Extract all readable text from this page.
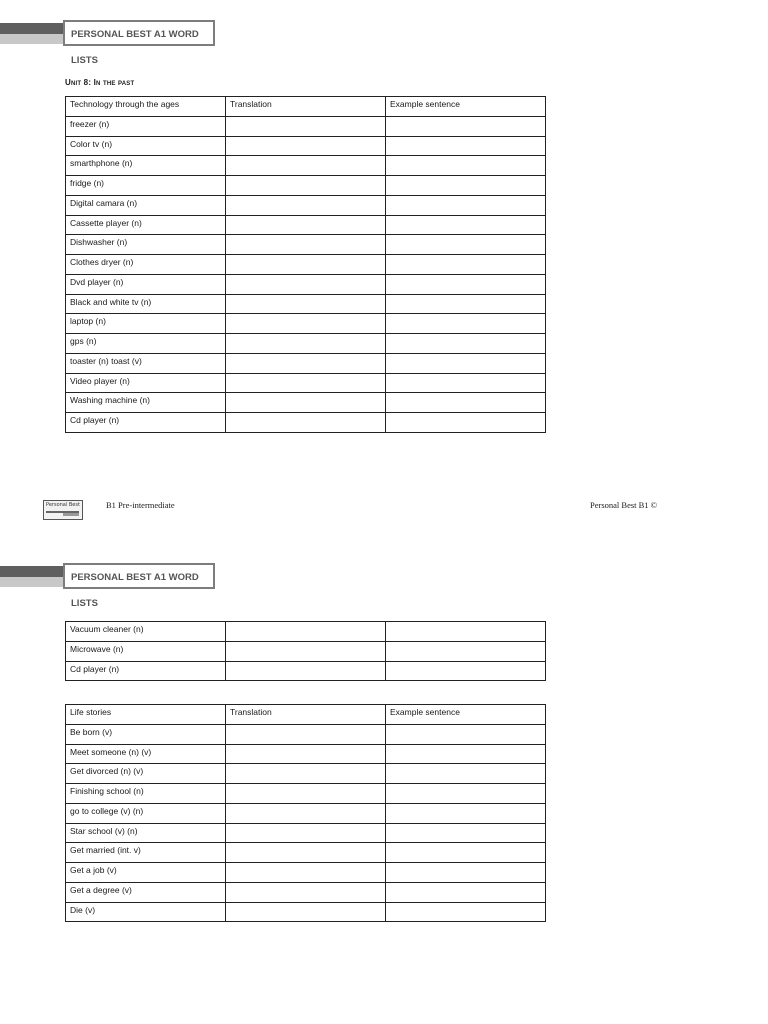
PERSONAL BEST A1 WORD LISTS
Unit 8: In the past
Technology through the ages	Translation	Example sentence
freezer (n)		
Color tv (n)		
smarthphone (n)		
fridge (n)		
Digital camara (n)		
Cassette player (n)		
Dishwasher (n)		
Clothes dryer (n)		
Dvd player (n)		
Black and white tv (n)		
laptop (n)		
gps (n)		
toaster (n) toast (v)		
Video player (n)		
Washing machine (n)		
Cd player (n)		
Personal Best	B1 Pre-intermediate	Personal Best B1 ©
PERSONAL BEST A1 WORD LISTS
Vacuum cleaner (n)		
Microwave (n)		
Cd player (n)		
Life stories	Translation	Example sentence
Be born (v)		
Meet someone (n) (v)		
Get divorced (n) (v)		
Finishing school (n)		
go to college (v) (n)		
Star school (v) (n)		
Get married (int. v)		
Get a job (v)		
Get a degree (v)		
Die (v)		
